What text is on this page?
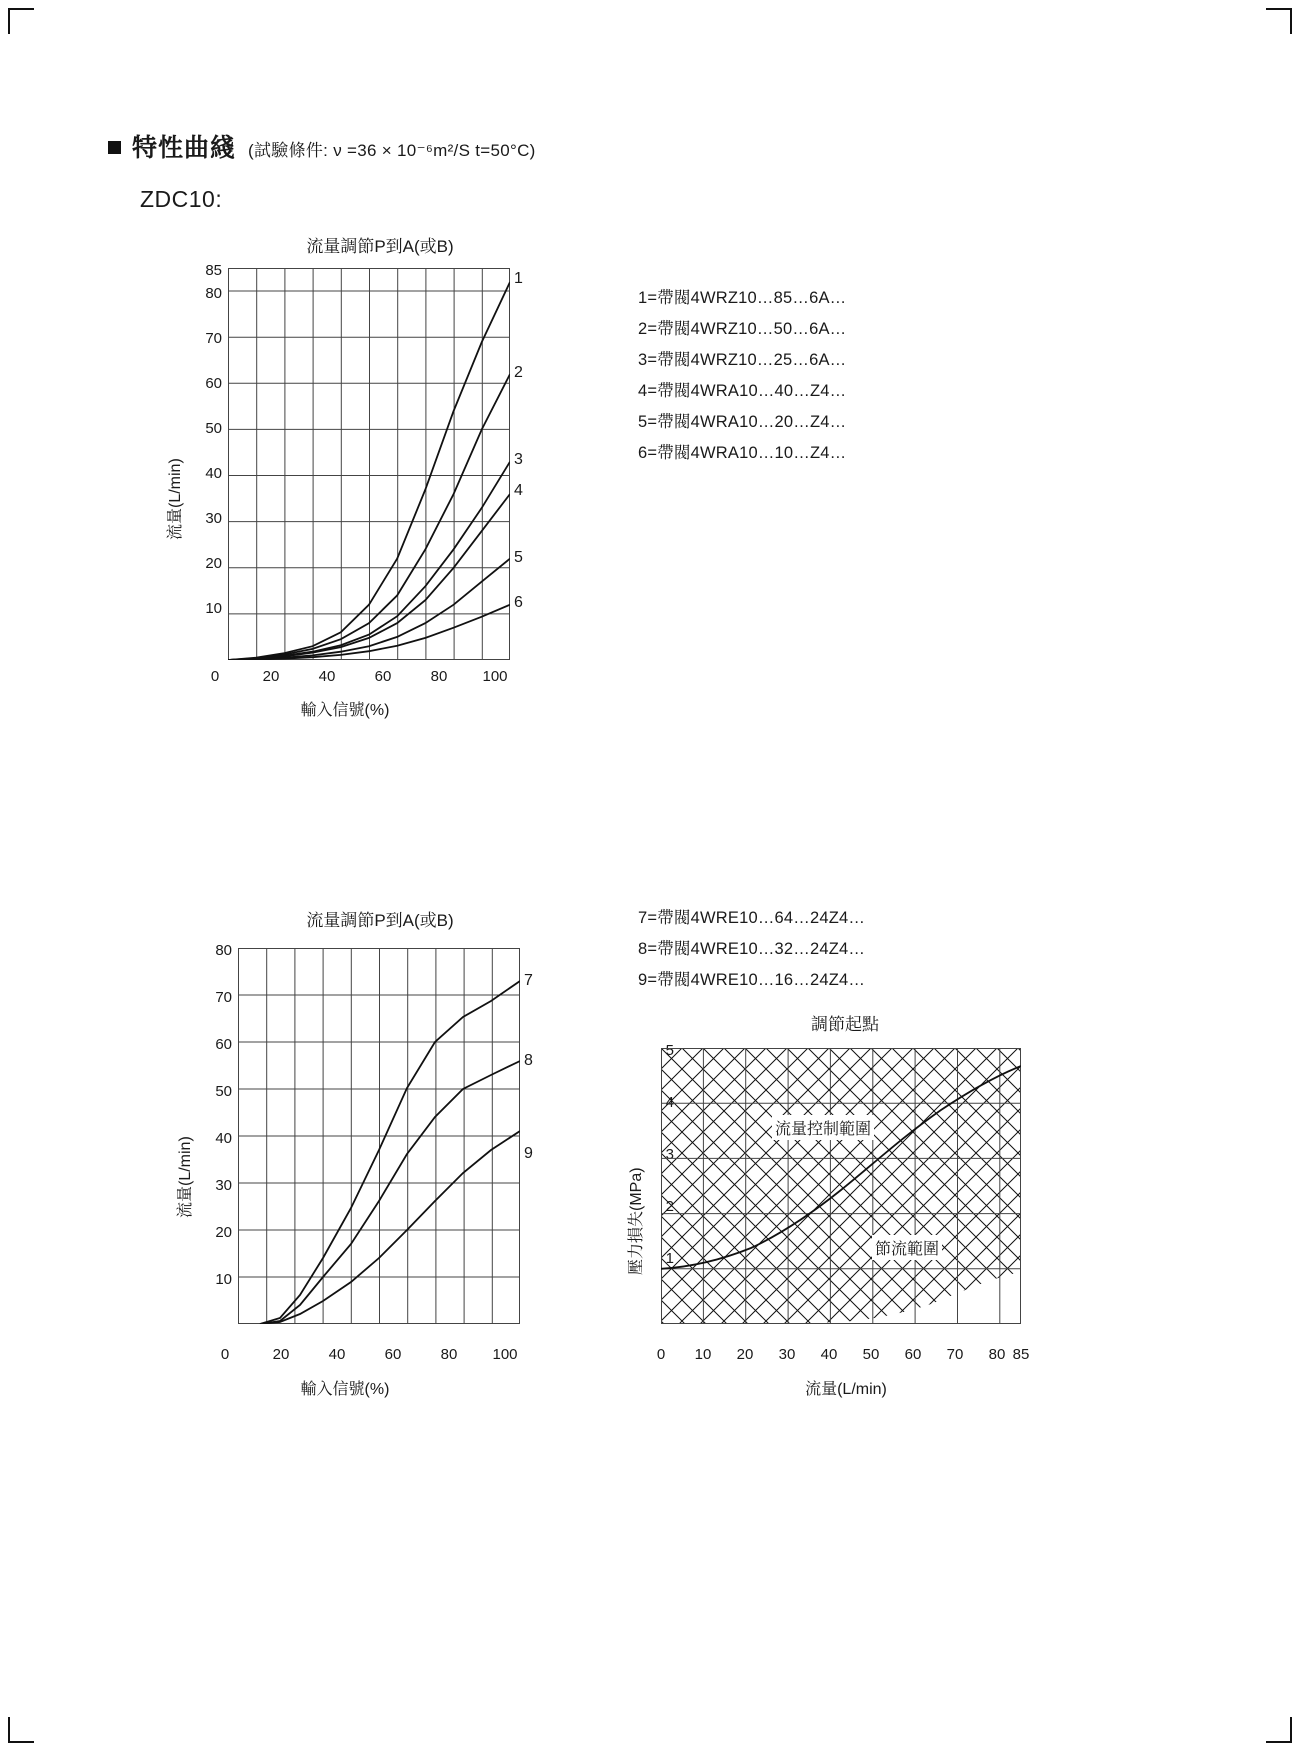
特性曲綫 (試驗條件: ν =36 × 10⁻⁶m²/S t=50°C)
ZDC10:
流量調節P到A(或B)
流量(L/min)
輸入信號(%)
85
80
70
60
50
40
30
20
10
0	20	40	60	80	100
1
2
3
4
5
6
1=帶閥4WRZ10…85…6A…
2=帶閥4WRZ10…50…6A…
3=帶閥4WRZ10…25…6A…
4=帶閥4WRA10…40…Z4…
5=帶閥4WRA10…20…Z4…
6=帶閥4WRA10…10…Z4…
流量調節P到A(或B)
流量(L/min)
輸入信號(%)
80
70
60
50
40
30
20
10
0	20	40	60	80	100
7
8
9
7=帶閥4WRE10…64…24Z4…
8=帶閥4WRE10…32…24Z4…
9=帶閥4WRE10…16…24Z4…
調節起點
壓力損失(MPa)
流量(L/min)
0	10	20	30	40	50	60	70	80 85
流量控制範圍
節流範圍
